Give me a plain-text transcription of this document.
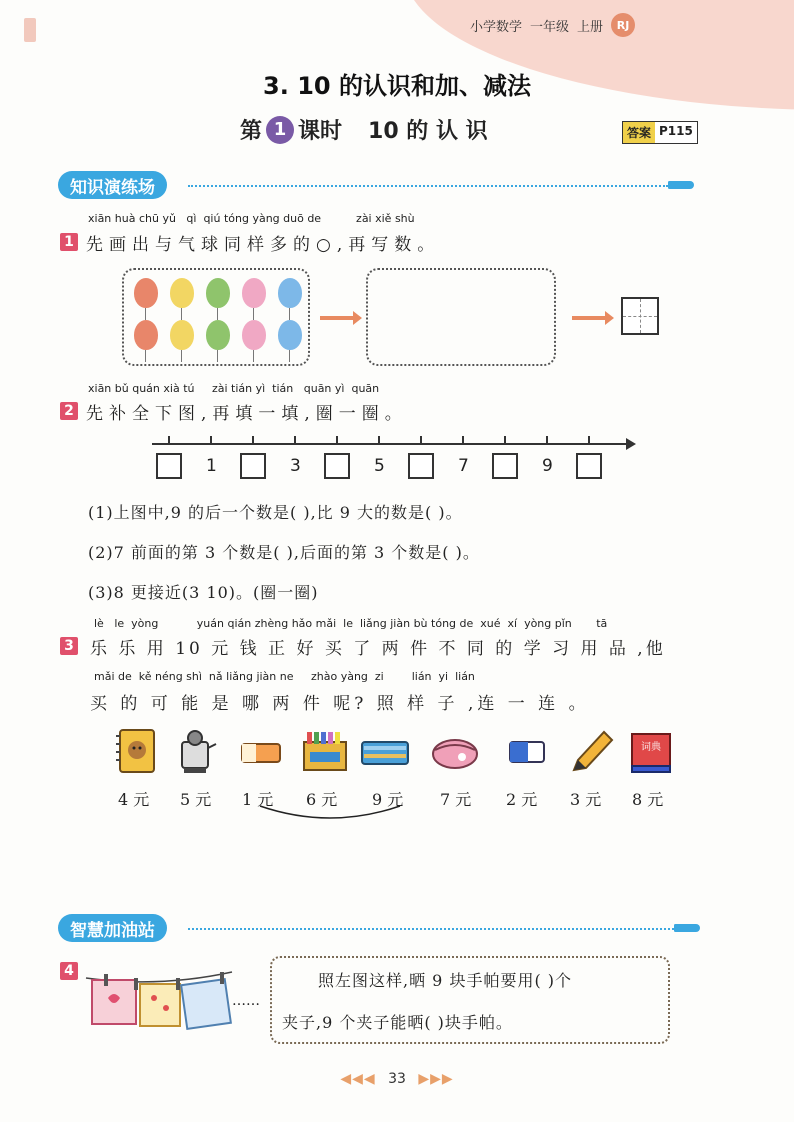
小学数学 一年级 上册	RJ
3. 10 的认识和加、减法
第 1 课时 10 的 认 识	答案 P115
知识演练场
xiān huà chū yǔ   qì  qiú tóng yàng duō de          zài xiě shù
1 先画出与气球同样多的○,再写数。
xiān bǔ quán xià tú     zài tián yì  tián   quān yì  quān
2 先补全下图,再填一填,圈一圈。
1	3	5	7	9
(1)上图中,9 的后一个数是( ),比 9 大的数是( )。
(2)7 前面的第 3 个数是( ),后面的第 3 个数是( )。
(3)8 更接近(3 10)。(圈一圈)
lè   le  yòng           yuán qián zhèng hǎo mǎi  le  liǎng jiàn bù tóng de  xué  xí  yòng pǐn       tā
3 乐 乐 用 10 元 钱 正 好 买 了 两 件 不 同 的 学 习 用 品 ,他
mǎi de  kě néng shì  nǎ liǎng jiàn ne     zhào yàng  zi        lián  yi  lián
买 的 可 能 是 哪 两 件 呢? 照 样 子 ,连 一 连 。
词典
4 元 5 元 1 元 6 元 9 元 7 元 2 元 3 元 8 元
智慧加油站
4
……
照左图这样,晒 9 块手帕要用( )个
夹子,9 个夹子能晒( )块手帕。
◀◀◀ 33 ▶▶▶
